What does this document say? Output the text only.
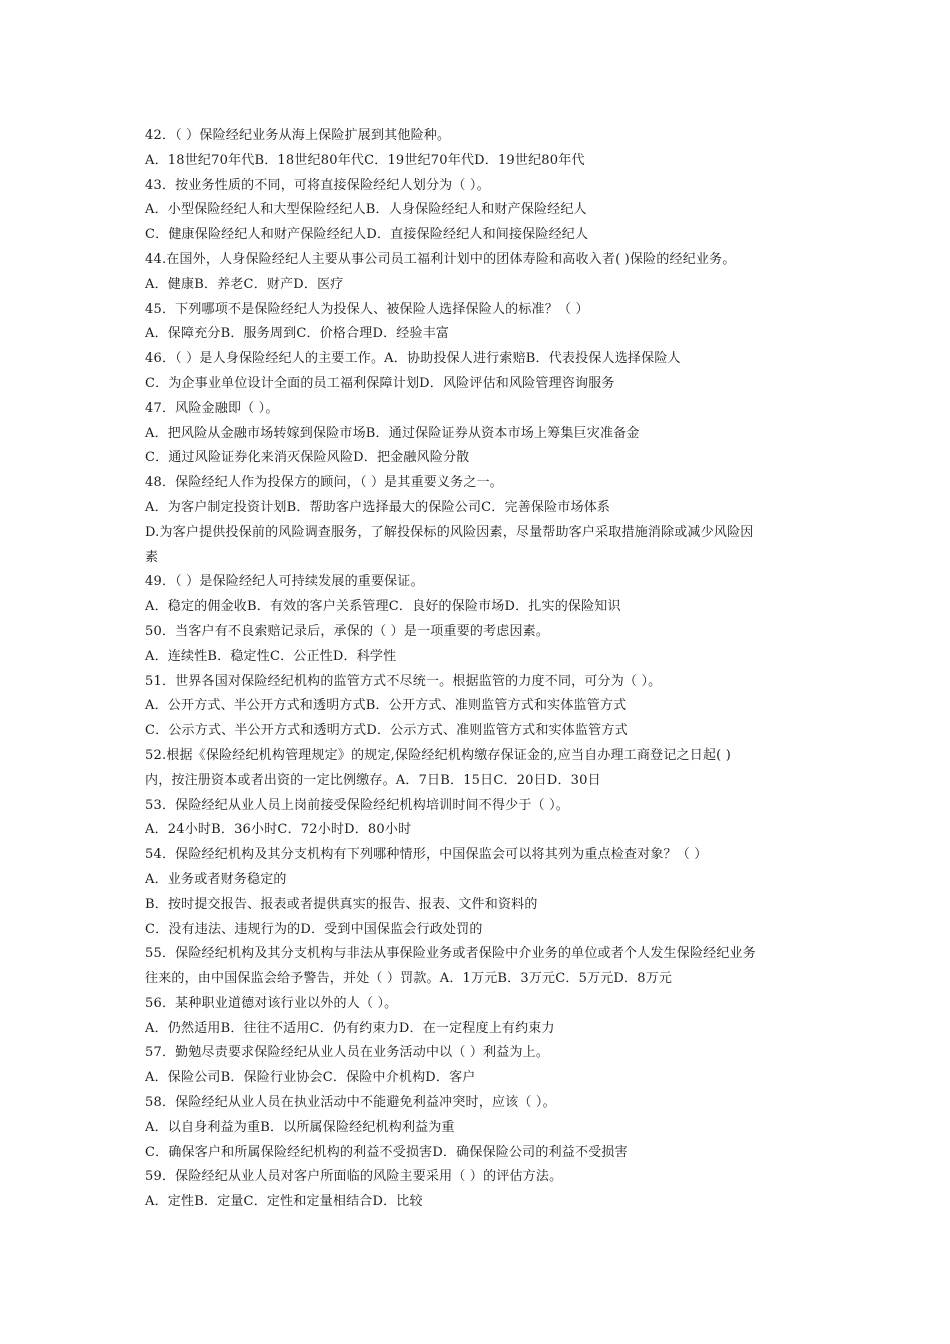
42．（ ）保险经纪业务从海上保险扩展到其他险种。
A．18世纪70年代B．18世纪80年代C．19世纪70年代D．19世纪80年代
43．按业务性质的不同，可将直接保险经纪人划分为（ ）。
A．小型保险经纪人和大型保险经纪人B．人身保险经纪人和财产保险经纪人
C．健康保险经纪人和财产保险经纪人D．直接保险经纪人和间接保险经纪人
44.在国外，人身保险经纪人主要从事公司员工福利计划中的团体寿险和高收入者( )保险的经纪业务。
A．健康B．养老C．财产D．医疗
45．下列哪项不是保险经纪人为投保人、被保险人选择保险人的标准？（ ）
A．保障充分B．服务周到C．价格合理D．经验丰富
46．（ ）是人身保险经纪人的主要工作。A．协助投保人进行索赔B．代表投保人选择保险人
C．为企事业单位设计全面的员工福利保障计划D．风险评估和风险管理咨询服务
47．风险金融即（ ）。
A．把风险从金融市场转嫁到保险市场B．通过保险证券从资本市场上筹集巨灾准备金
C．通过风险证券化来消灭保险风险D．把金融风险分散
48．保险经纪人作为投保方的顾问，（ ）是其重要义务之一。
A．为客户制定投资计划B．帮助客户选择最大的保险公司C．完善保险市场体系
D.为客户提供投保前的风险调查服务，了解投保标的风险因素，尽量帮助客户采取措施消除或减少风险因
素
49．（ ）是保险经纪人可持续发展的重要保证。
A．稳定的佣金收B．有效的客户关系管理C．良好的保险市场D．扎实的保险知识
50．当客户有不良索赔记录后，承保的（ ）是一项重要的考虑因素。
A．连续性B．稳定性C．公正性D．科学性
51．世界各国对保险经纪机构的监管方式不尽统一。根据监管的力度不同，可分为（ ）。
A．公开方式、半公开方式和透明方式B．公开方式、准则监管方式和实体监管方式
C．公示方式、半公开方式和透明方式D．公示方式、准则监管方式和实体监管方式
52.根据《保险经纪机构管理规定》的规定,保险经纪机构缴存保证金的,应当自办理工商登记之日起( )
内，按注册资本或者出资的一定比例缴存。A．7日B．15日C．20日D．30日
53．保险经纪从业人员上岗前接受保险经纪机构培训时间不得少于（ ）。
A．24小时B．36小时C．72小时D．80小时
54．保险经纪机构及其分支机构有下列哪种情形，中国保监会可以将其列为重点检查对象？（ ）
A．业务或者财务稳定的
B．按时提交报告、报表或者提供真实的报告、报表、文件和资料的
C．没有违法、违规行为的D．受到中国保监会行政处罚的
55．保险经纪机构及其分支机构与非法从事保险业务或者保险中介业务的单位或者个人发生保险经纪业务
往来的，由中国保监会给予警告，并处（ ）罚款。A．1万元B．3万元C．5万元D．8万元
56．某种职业道德对该行业以外的人（ ）。
A．仍然适用B．往往不适用C．仍有约束力D．在一定程度上有约束力
57．勤勉尽责要求保险经纪从业人员在业务活动中以（ ）利益为上。
A．保险公司B．保险行业协会C．保险中介机构D．客户
58．保险经纪从业人员在执业活动中不能避免利益冲突时，应该（ ）。
A．以自身利益为重B．以所属保险经纪机构利益为重
C．确保客户和所属保险经纪机构的利益不受损害D．确保保险公司的利益不受损害
59．保险经纪从业人员对客户所面临的风险主要采用（ ）的评估方法。
A．定性B．定量C．定性和定量相结合D．比较
